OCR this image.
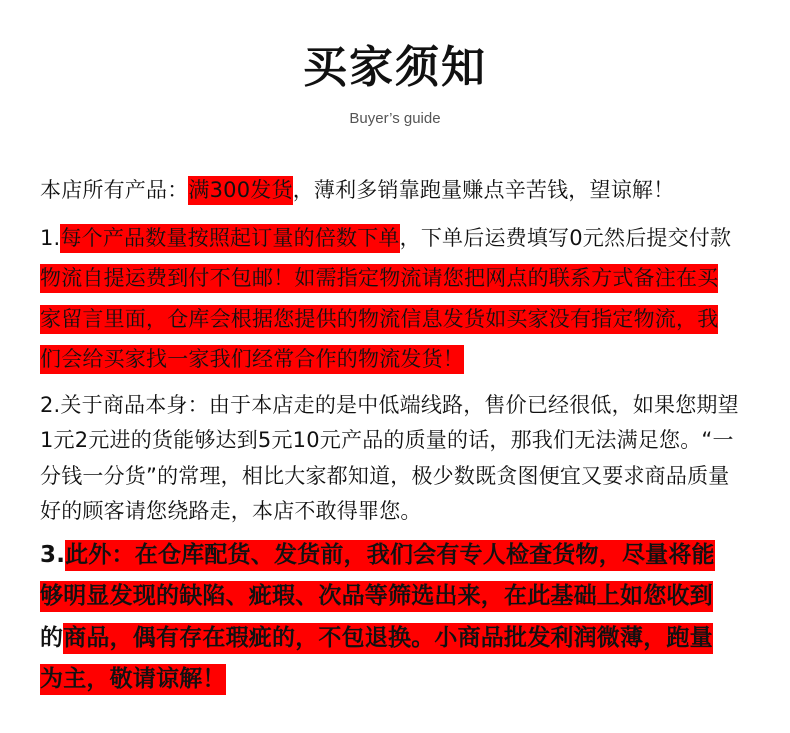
买家须知
Buyer’s guide
本店所有产品：满300发货，薄利多销靠跑量赚点辛苦钱，望谅解！
1.每个产品数量按照起订量的倍数下单，下单后运费填写0元然后提交付款
物流自提运费到付不包邮！如需指定物流请您把网点的联系方式备注在买
家留言里面，仓库会根据您提供的物流信息发货如买家没有指定物流，我
们会给买家找一家我们经常合作的物流发货！
2.关于商品本身：由于本店走的是中低端线路，售价已经很低，如果您期望
1元2元进的货能够达到5元10元产品的质量的话，那我们无法满足您。“一
分钱一分货”的常理，相比大家都知道，极少数既贪图便宜又要求商品质量
好的顾客请您绕路走，本店不敢得罪您。
3.此外：在仓库配货、发货前，我们会有专人检查货物，尽量将能
够明显发现的缺陷、疵瑕、次品等筛选出来，在此基础上如您收到
的商品，偶有存在瑕疵的，不包退换。小商品批发利润微薄，跑量
为主，敬请谅解！
